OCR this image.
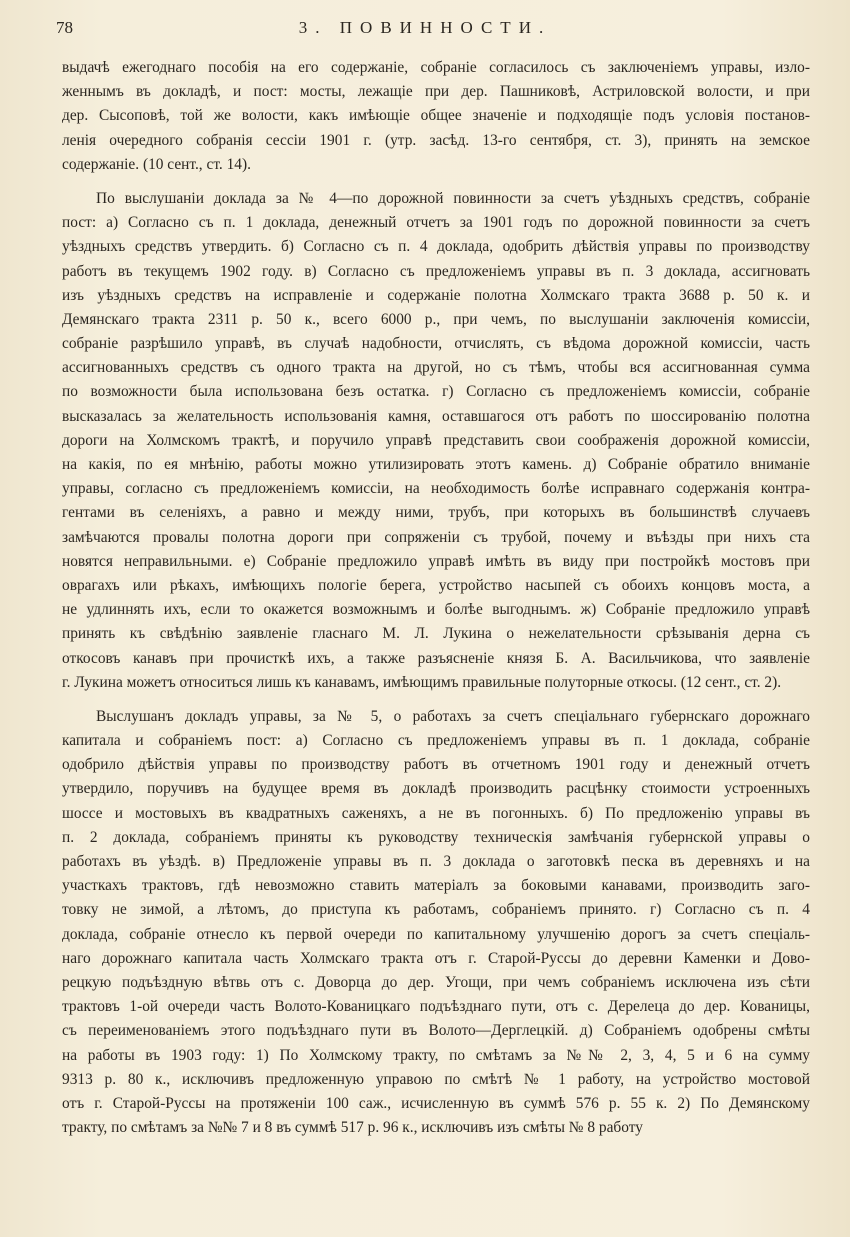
78	3. ПОВИННОСТИ.
выдачѣ ежегоднаго пособія на его содержаніе, собраніе согласилось съ заключеніемъ управы, изло-
женнымъ въ докладѣ, и пост: мосты, лежащіе при дер. Пашниковѣ, Астриловской волости, и при
дер. Сысоповѣ, той же волости, какъ имѣющіе общее значеніе и подходящіе подъ условія постанов-
ленія очередного собранія сессіи 1901 г. (утр. засѣд. 13-го сентября, ст. 3), принять на земское
содержаніе. (10 сент., ст. 14).
По выслушаніи доклада за № 4—по дорожной повинности за счетъ уѣздныхъ средствъ, собраніе
пост: а) Согласно съ п. 1 доклада, денежный отчетъ за 1901 годъ по дорожной повинности за счетъ
уѣздныхъ средствъ утвердить. б) Согласно съ п. 4 доклада, одобрить дѣйствія управы по производству
работъ въ текущемъ 1902 году. в) Согласно съ предложеніемъ управы въ п. 3 доклада, ассигновать
изъ уѣздныхъ средствъ на исправленіе и содержаніе полотна Холмскаго тракта 3688 р. 50 к. и
Демянскаго тракта 2311 р. 50 к., всего 6000 р., при чемъ, по выслушаніи заключенія комиссіи,
собраніе разрѣшило управѣ, въ случаѣ надобности, отчислять, съ вѣдома дорожной комиссіи, часть
ассигнованныхъ средствъ съ одного тракта на другой, но съ тѣмъ, чтобы вся ассигнованная сумма
по возможности была использована безъ остатка. г) Согласно съ предложеніемъ комиссіи, собраніе
высказалась за желательность использованія камня, оставшагося отъ работъ по шоссированію полотна
дороги на Холмскомъ трактѣ, и поручило управѣ представить свои соображенія дорожной комиссіи,
на какія, по ея мнѣнію, работы можно утилизировать этотъ камень. д) Собраніе обратило вниманіе
управы, согласно съ предложеніемъ комиссіи, на необходимость болѣе исправнаго содержанія контра-
гентами въ селеніяхъ, а равно и между ними, трубъ, при которыхъ въ большинствѣ случаевъ
замѣчаются провалы полотна дороги при сопряженіи съ трубой, почему и въѣзды при нихъ ста
новятся неправильными. е) Собраніе предложило управѣ имѣть въ виду при постройкѣ мостовъ при
оврагахъ или рѣкахъ, имѣющихъ пологіе берега, устройство насыпей съ обоихъ концовъ моста, а
не удлиннять ихъ, если то окажется возможнымъ и болѣе выгоднымъ. ж) Собраніе предложило управѣ
принять къ свѣдѣнію заявленіе гласнаго М. Л. Лукина о нежелательности срѣзыванія дерна съ
откосовъ канавъ при прочисткѣ ихъ, а также разъясненіе князя Б. А. Васильчикова, что заявленіе
г. Лукина можетъ относиться лишь къ канавамъ, имѣющимъ правильные полуторные откосы. (12 сент., ст. 2).
Выслушанъ докладъ управы, за № 5, о работахъ за счетъ спеціальнаго губернскаго дорожнаго
капитала и собраніемъ пост: а) Согласно съ предложеніемъ управы въ п. 1 доклада, собраніе
одобрило дѣйствія управы по производству работъ въ отчетномъ 1901 году и денежный отчетъ
утвердило, поручивъ на будущее время въ докладѣ производить расцѣнку стоимости устроенныхъ
шоссе и мостовыхъ въ квадратныхъ саженяхъ, а не въ погонныхъ. б) По предложенію управы въ
п. 2 доклада, собраніемъ приняты къ руководству техническія замѣчанія губернской управы о
работахъ въ уѣздѣ. в) Предложеніе управы въ п. 3 доклада о заготовкѣ песка въ деревняхъ и на
участкахъ трактовъ, гдѣ невозможно ставить матеріалъ за боковыми канавами, производить заго-
товку не зимой, а лѣтомъ, до приступа къ работамъ, собраніемъ принято. г) Согласно съ п. 4
доклада, собраніе отнесло къ первой очереди по капитальному улучшенію дорогъ за счетъ спеціаль-
наго дорожнаго капитала часть Холмскаго тракта отъ г. Старой-Руссы до деревни Каменки и Дово-
рецкую подъѣздную вѣтвь отъ с. Доворца до дер. Угощи, при чемъ собраніемъ исключена изъ сѣти
трактовъ 1-ой очереди часть Волото-Кованицкаго подъѣзднаго пути, отъ с. Дерелеца до дер. Кованицы,
съ переименованіемъ этого подъѣзднаго пути въ Волото—Дерглецкій. д) Собраніемъ одобрены смѣты
на работы въ 1903 году: 1) По Холмскому тракту, по смѣтамъ за №№ 2, 3, 4, 5 и 6 на сумму
9313 р. 80 к., исключивъ предложенную управою по смѣтѣ № 1 работу, на устройство мостовой
отъ г. Старой-Руссы на протяженіи 100 саж., исчисленную въ суммѣ 576 р. 55 к. 2) По Демянскому
тракту, по смѣтамъ за №№ 7 и 8 въ суммѣ 517 р. 96 к., исключивъ изъ смѣты № 8 работу
